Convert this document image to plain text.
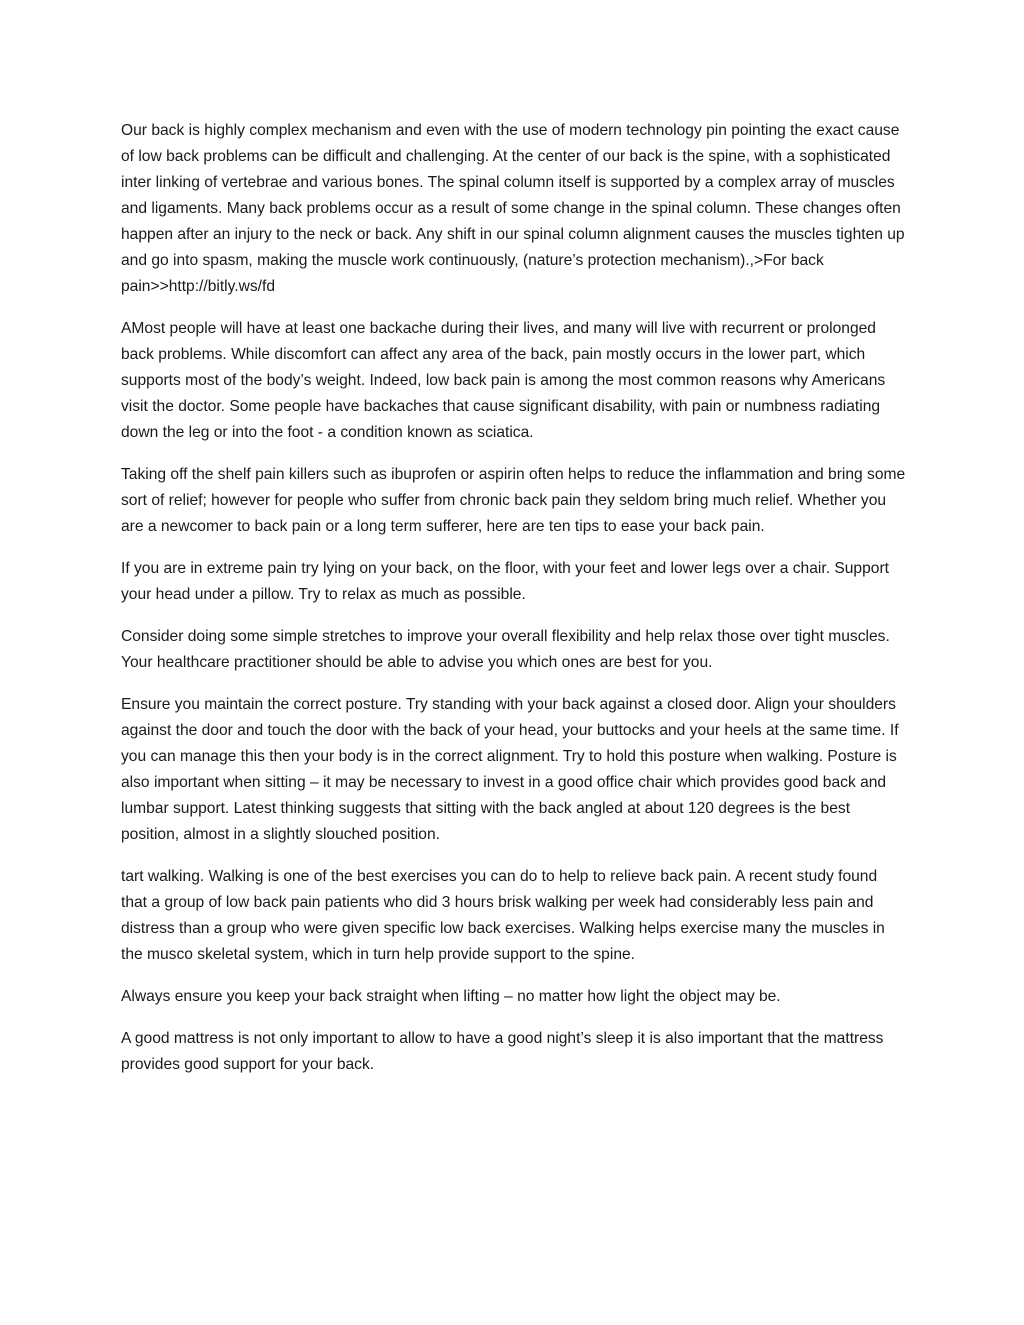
Our back is highly complex mechanism and even with the use of modern technology pin pointing the exact cause of low back problems can be difficult and challenging. At the center of our back is the spine, with a sophisticated inter linking of vertebrae and various bones. The spinal column itself is supported by a complex array of muscles and ligaments. Many back problems occur as a result of some change in the spinal column. These changes often happen after an injury to the neck or back. Any shift in our spinal column alignment causes the muscles tighten up and go into spasm, making the muscle work continuously, (nature’s protection mechanism).,>For back pain>>http://bitly.ws/fd

AMost people will have at least one backache during their lives, and many will live with recurrent or prolonged back problems. While discomfort can affect any area of the back, pain mostly occurs in the lower part, which supports most of the body’s weight. Indeed, low back pain is among the most common reasons why Americans visit the doctor. Some people have backaches that cause significant disability, with pain or numbness radiating down the leg or into the foot - a condition known as sciatica.

Taking off the shelf pain killers such as ibuprofen or aspirin often helps to reduce the inflammation and bring some sort of relief; however for people who suffer from chronic back pain they seldom bring much relief. Whether you are a newcomer to back pain or a long term sufferer, here are ten tips to ease your back pain.

If you are in extreme pain try lying on your back, on the floor, with your feet and lower legs over a chair. Support your head under a pillow. Try to relax as much as possible.

Consider doing some simple stretches to improve your overall flexibility and help relax those over tight muscles. Your healthcare practitioner should be able to advise you which ones are best for you.

Ensure you maintain the correct posture. Try standing with your back against a closed door. Align your shoulders against the door and touch the door with the back of your head, your buttocks and your heels at the same time. If you can manage this then your body is in the correct alignment. Try to hold this posture when walking. Posture is also important when sitting – it may be necessary to invest in a good office chair which provides good back and lumbar support. Latest thinking suggests that sitting with the back angled at about 120 degrees is the best position, almost in a slightly slouched position.

tart walking. Walking is one of the best exercises you can do to help to relieve back pain. A recent study found that a group of low back pain patients who did 3 hours brisk walking per week had considerably less pain and distress than a group who were given specific low back exercises. Walking helps exercise many the muscles in the musco skeletal system, which in turn help provide support to the spine.

Always ensure you keep your back straight when lifting – no matter how light the object may be.

A good mattress is not only important to allow to have a good night’s sleep it is also important that the mattress provides good support for your back.
